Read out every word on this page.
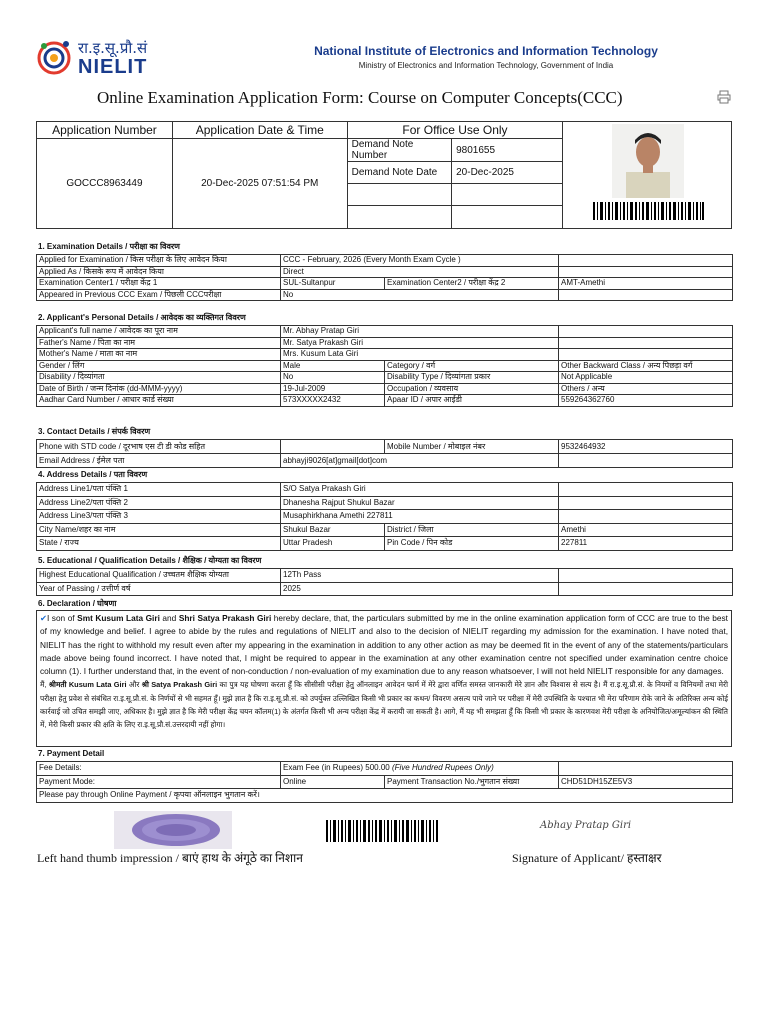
रा.इ.सू.प्रौ.सं
NIELIT
National Institute of Electronics and Information Technology
Ministry of Electronics and Information Technology, Government of India
Online Examination Application Form: Course on Computer Concepts(CCC)
Application Number	Application Date & Time	For Office Use Only	

GOCCC8963449	20-Dec-2025 07:51:54 PM	
Demand Note Number	9801655
Demand Note Date	20-Dec-2025

1. Examination Details / परीक्षा का विवरण
Applied for Examination / किस परीक्षा के लिए आवेदन किया	CCC - February, 2026 (Every Month Exam Cycle )		
Applied As / किसके रूप में आवेदन किया	Direct		
Examination Center1 / परीक्षा केंद्र 1	SUL-Sultanpur	Examination Center2 / परीक्षा केंद्र 2	AMT-Amethi
Appeared in Previous CCC Exam / पिछली CCCपरीक्षा	No		
2. Applicant's Personal Details / आवेदक का व्यक्तिगत विवरण
Applicant's full name / आवेदक का पूरा नाम	Mr. Abhay Pratap Giri		
Father's Name / पिता का नाम	Mr. Satya Prakash Giri		
Mother's Name / माता का नाम	Mrs. Kusum Lata Giri		
Gender / लिंग	Male	Category / वर्ग	Other Backward Class / अन्य पिछड़ा वर्ग
Disability / दिव्यांगता	No	Disability Type / दिव्यांगता प्रकार	Not Applicable
Date of Birth / जन्म दिनांक (dd-MMM-yyyy)	19-Jul-2009	Occupation / व्यवसाय	Others / अन्य
Aadhar Card Number / आधार कार्ड संख्या	573XXXXX2432	Apaar ID / अपार आईडी	559264362760
3. Contact Details / संपर्क विवरण
Phone with STD code / दूरभाष एस टी डी कोड सहित		Mobile Number / मोबाइल नंबर	9532464932
Email Address / ईमेल पता	abhayji9026[at]gmail[dot]com		
4. Address Details / पता विवरण
Address Line1/पता पंक्ति 1	S/O Satya Prakash Giri		
Address Line2/पता पंक्ति 2	Dhanesha Rajput Shukul Bazar		
Address Line3/पता पंक्ति 3	Musaphirkhana Amethi 227811		
City Name/शहर का नाम	Shukul Bazar	District / जिला	Amethi
State / राज्य	Uttar Pradesh	Pin Code / पिन कोड	227811
5. Educational / Qualification Details / शैक्षिक / योग्यता का विवरण
Highest Educational Qualification / उच्चतम शैक्षिक योग्यता	12Th Pass	
Year of Passing / उत्तीर्ण वर्ष	2025	
6. Declaration / घोषणा

✔I son of Smt Kusum Lata Giri and Shri Satya Prakash Giri hereby declare, that, the particulars submitted by me in the online examination application form of CCC are true to the best of my knowledge and belief. I agree to abide by the rules and regulations of NIELIT and also to the decision of NIELIT regarding my admission for the examination. I have noted that, NIELIT has the right to withhold my result even after my appearing in the examination in addition to any other action as may be deemed fit in the event of any of the statements/particulars made above being found incorrect. I have noted that, I might be required to appear in the examination at any other examination centre not specified under examination centre choice column (1). I further understand that, in the event of non-conduction / non-evaluation of my examination due to any reason whatsoever, I will not held NIELIT responsible for any damages.

मैं, श्रीमती Kusum Lata Giri और श्री Satya Prakash Giri का पुत्र यह घोषणा करता हूँ कि सीसीसी परीक्षा हेतु ऑनलाइन आवेदन फार्म में मेरे द्वारा वर्णित समस्त जानकारी मेरे ज्ञान और विश्वास से सत्य है। मैं रा.इ.सू.प्रौ.सं. के नियमों व विनियमों तथा मेरी परीक्षा हेतु प्रवेश से संबंधित रा.इ.सू.प्रौ.सं. के निर्णयों से भी सहमत हूँ। मुझे ज्ञात है कि रा.इ.सू.प्रौ.सं. को उपर्युक्त उल्लिखित किसी भी प्रकार का कथन/ विवरण असत्य पाये जाने पर परीक्षा में मेरी उपस्थिति के पश्चात भी मेरा परिणाम रोके जाने के अतिरिक्त अन्य कोई कार्रवाई जो उचित समझी जाए, अधिकार है। मुझे ज्ञात है कि मेरी परीक्षा केंद्र चयन कॉलम(1) के अंतर्गत किसी भी अन्य परीक्षा केंद्र में करायी जा सकती है। आगे, मैं यह भी समझता हूँ कि किसी भी प्रकार के कारणवश मेरी परीक्षा के अनियोजित/अमूल्यांकन की स्थिति में, मेरी किसी प्रकार की क्षति के लिए रा.इ.सू.प्रौ.सं.उत्तरदायी नहीं होगा।

7. Payment Detail
Fee Details:	Exam Fee (in Rupees) 500.00 (Five Hundred Rupees Only)		
Payment Mode:	Online	Payment Transaction No./भुगतान संख्या	CHD51DH15ZE5V3
Please pay through Online Payment / कृपया ऑनलाइन भुगतान करें।			
Abhay Pratap Giri
Left hand thumb impression / बाएं हाथ के अंगूठे का निशान	Signature of Applicant/ हस्ताक्षर
